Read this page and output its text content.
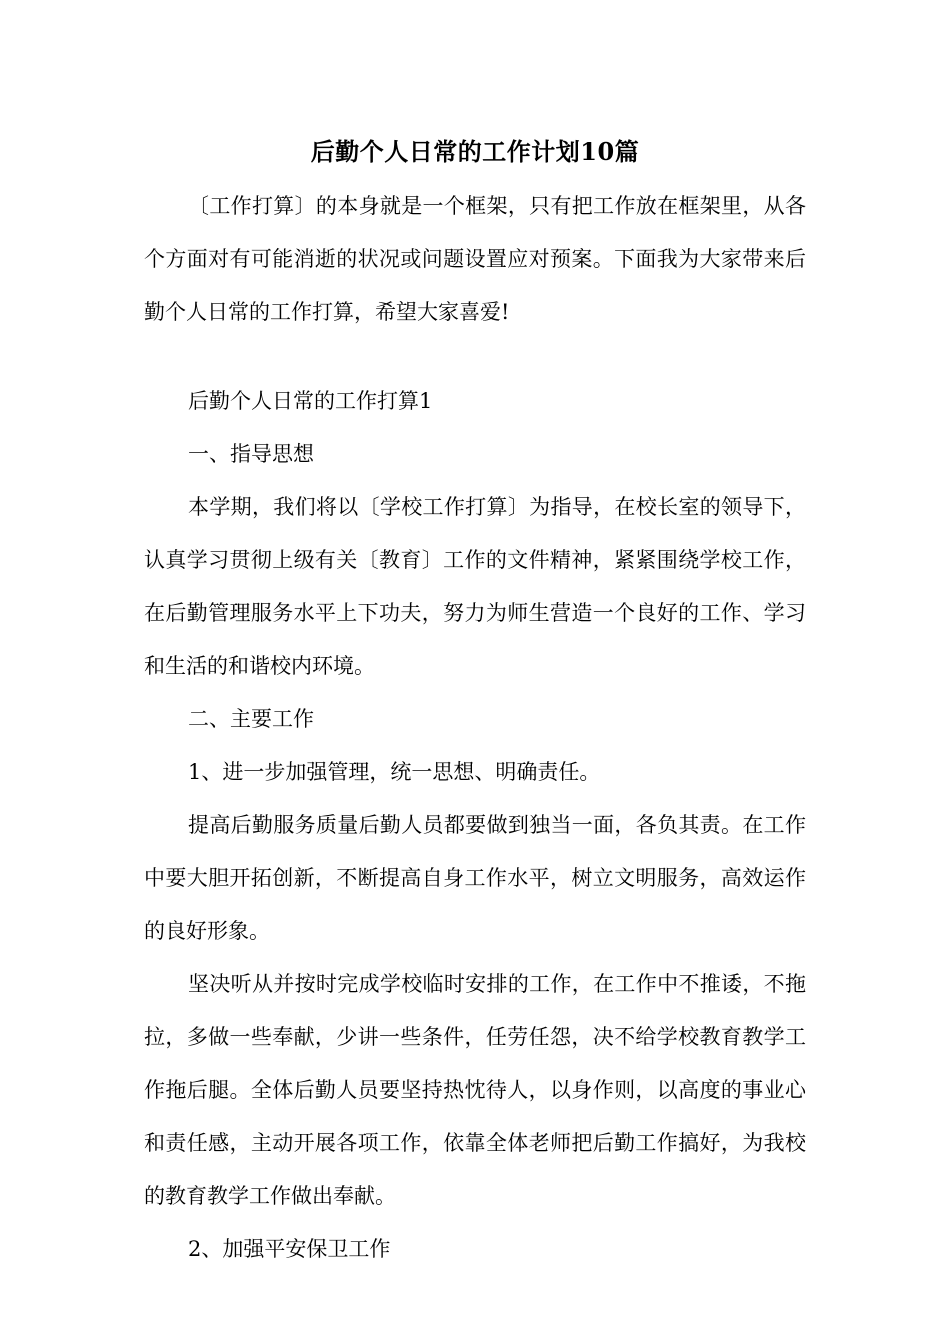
后勤个人日常的工作计划10篇

〔工作打算〕的本身就是一个框架，只有把工作放在框架里，从各个方面对有可能消逝的状况或问题设置应对预案。下面我为大家带来后勤个人日常的工作打算，希望大家喜爱!

后勤个人日常的工作打算1

一、指导思想

本学期，我们将以〔学校工作打算〕为指导，在校长室的领导下，认真学习贯彻上级有关〔教育〕工作的文件精神，紧紧围绕学校工作，在后勤管理服务水平上下功夫，努力为师生营造一个良好的工作、学习和生活的和谐校内环境。

二、主要工作

1、进一步加强管理，统一思想、明确责任。

提高后勤服务质量后勤人员都要做到独当一面，各负其责。在工作中要大胆开拓创新，不断提高自身工作水平，树立文明服务，高效运作的良好形象。

坚决听从并按时完成学校临时安排的工作，在工作中不推诿，不拖拉，多做一些奉献，少讲一些条件，任劳任怨，决不给学校教育教学工作拖后腿。全体后勤人员要坚持热忱待人，以身作则，以高度的事业心和责任感，主动开展各项工作，依靠全体老师把后勤工作搞好，为我校的教育教学工作做出奉献。

2、加强平安保卫工作
